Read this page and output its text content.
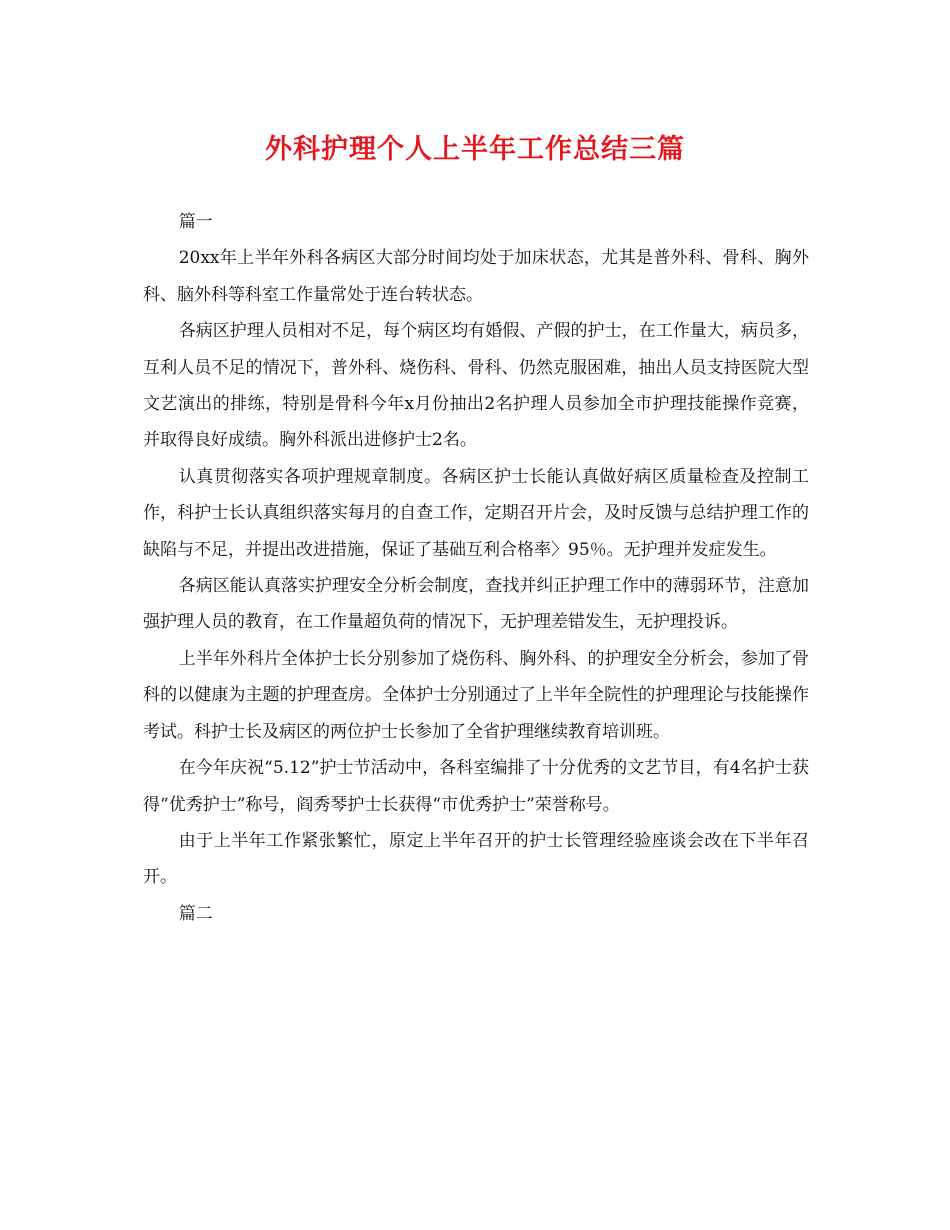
外科护理个人上半年工作总结三篇

篇一

20xx年上半年外科各病区大部分时间均处于加床状态，尤其是普外科、骨科、胸外科、脑外科等科室工作量常处于连台转状态。

各病区护理人员相对不足，每个病区均有婚假、产假的护士，在工作量大，病员多，互利人员不足的情况下，普外科、烧伤科、骨科、仍然克服困难，抽出人员支持医院大型文艺演出的排练，特别是骨科今年x月份抽出2名护理人员参加全市护理技能操作竞赛，并取得良好成绩。胸外科派出进修护士2名。

认真贯彻落实各项护理规章制度。各病区护士长能认真做好病区质量检查及控制工作，科护士长认真组织落实每月的自查工作，定期召开片会，及时反馈与总结护理工作的缺陷与不足，并提出改进措施，保证了基础互利合格率〉95％。无护理并发症发生。

各病区能认真落实护理安全分析会制度，查找并纠正护理工作中的薄弱环节，注意加强护理人员的教育，在工作量超负荷的情况下，无护理差错发生，无护理投诉。

上半年外科片全体护士长分别参加了烧伤科、胸外科、的护理安全分析会，参加了骨科的以健康为主题的护理查房。全体护士分别通过了上半年全院性的护理理论与技能操作考试。科护士长及病区的两位护士长参加了全省护理继续教育培训班。

在今年庆祝“5.12”护士节活动中，各科室编排了十分优秀的文艺节目，有4名护士获得“优秀护士”称号，阎秀琴护士长获得“市优秀护士”荣誉称号。

由于上半年工作紧张繁忙，原定上半年召开的护士长管理经验座谈会改在下半年召开。

篇二
